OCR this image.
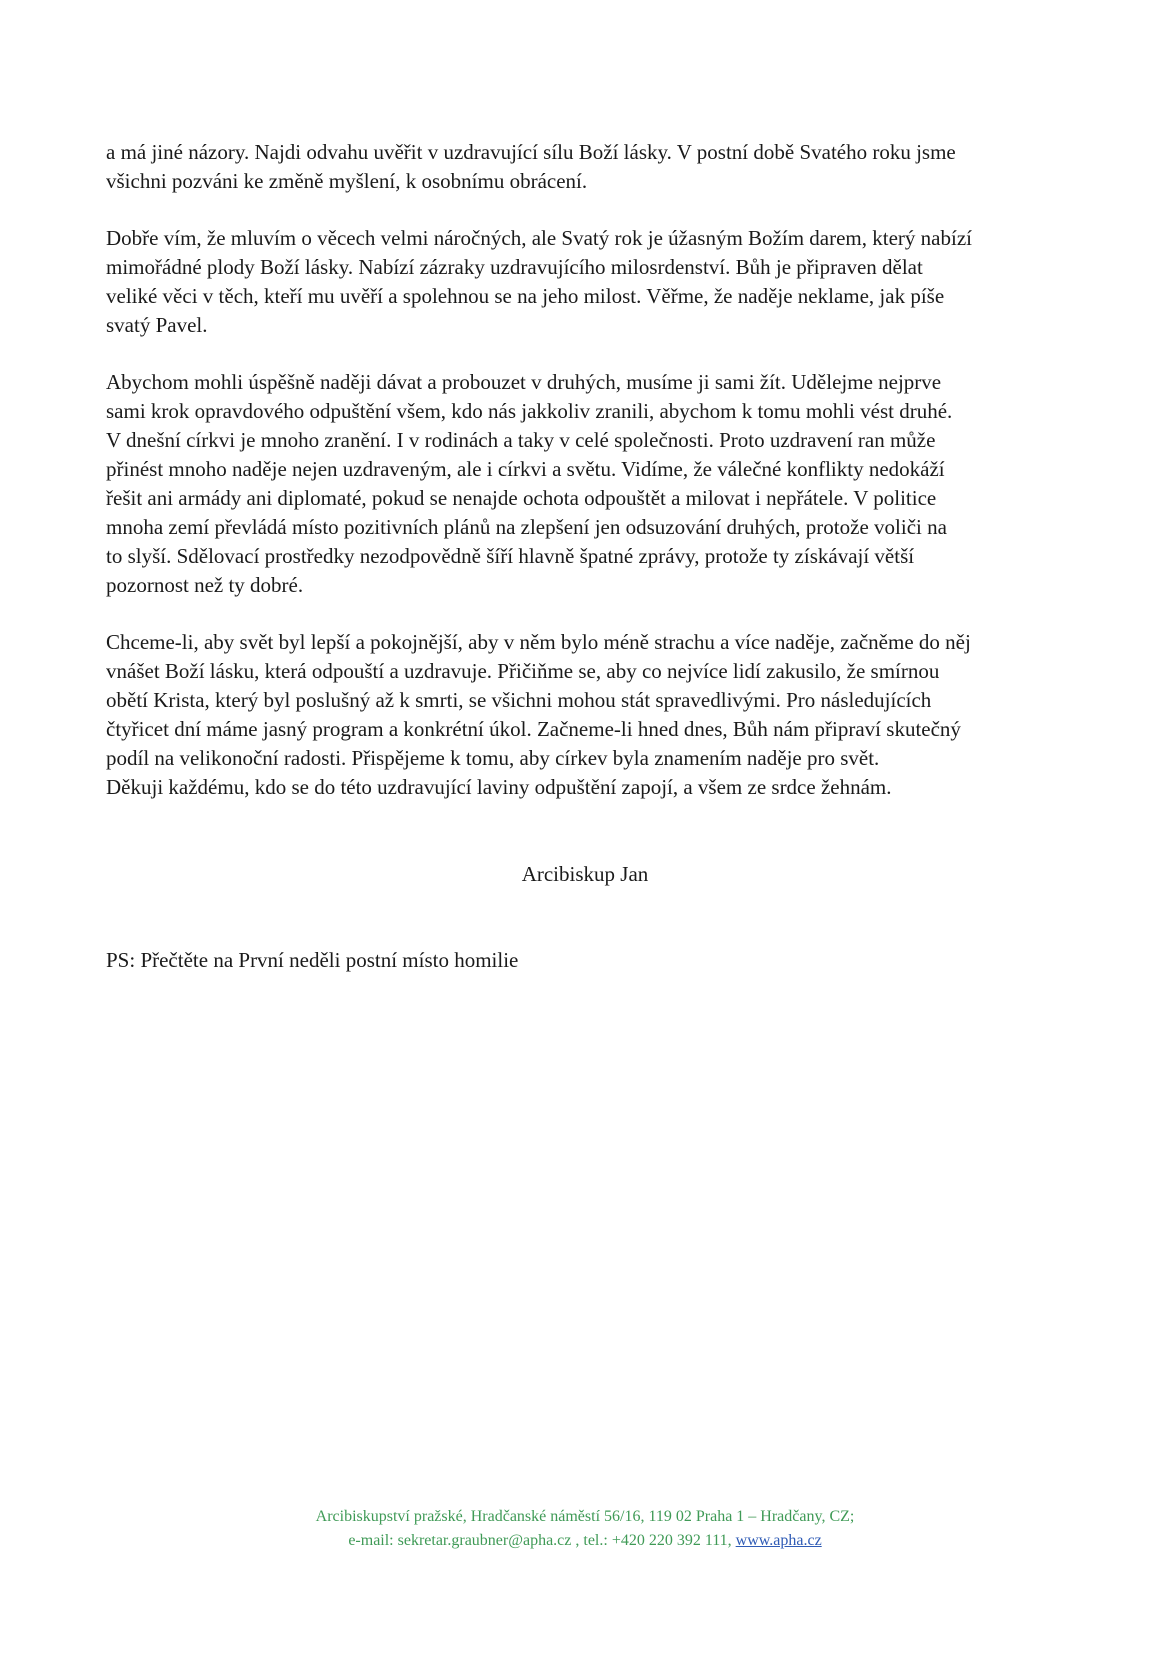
a má jiné názory. Najdi odvahu uvěřit v uzdravující sílu Boží lásky. V postní době Svatého roku jsme
všichni pozváni ke změně myšlení, k osobnímu obrácení.

Dobře vím, že mluvím o věcech velmi náročných, ale Svatý rok je úžasným Božím darem, který nabízí
mimořádné plody Boží lásky. Nabízí zázraky uzdravujícího milosrdenství. Bůh je připraven dělat
veliké věci v těch, kteří mu uvěří a spolehnou se na jeho milost. Věřme, že naděje neklame, jak píše
svatý Pavel.

Abychom mohli úspěšně naději dávat a probouzet v druhých, musíme ji sami žít. Udělejme nejprve
sami krok opravdového odpuštění všem, kdo nás jakkoliv zranili, abychom k tomu mohli vést druhé.
V dnešní církvi je mnoho zranění. I v rodinách a taky v celé společnosti. Proto uzdravení ran může
přinést mnoho naděje nejen uzdraveným, ale i církvi a světu. Vidíme, že válečné konflikty nedokáží
řešit ani armády ani diplomaté, pokud se nenajde ochota odpouštět a milovat i nepřátele. V politice
mnoha zemí převládá místo pozitivních plánů na zlepšení jen odsuzování druhých, protože voliči na
to slyší. Sdělovací prostředky nezodpovědně šíří hlavně špatné zprávy, protože ty získávají větší
pozornost než ty dobré.

Chceme-li, aby svět byl lepší a pokojnější, aby v něm bylo méně strachu a více naděje, začněme do něj
vnášet Boží lásku, která odpouští a uzdravuje. Přičiňme se, aby co nejvíce lidí zakusilo, že smírnou
obětí Krista, který byl poslušný až k smrti, se všichni mohou stát spravedlivými. Pro následujících
čtyřicet dní máme jasný program a konkrétní úkol. Začneme-li hned dnes, Bůh nám připraví skutečný
podíl na velikonoční radosti. Přispějeme k tomu, aby církev byla znamením naděje pro svět.
Děkuji každému, kdo se do této uzdravující laviny odpuštění zapojí, a všem ze srdce žehnám.

Arcibiskup Jan

PS: Přečtěte na První neděli postní místo homilie

Arcibiskupství pražské, Hradčanské náměstí 56/16, 119 02 Praha 1 – Hradčany, CZ;
e-mail: sekretar.graubner@apha.cz , tel.: +420 220 392 111, www.apha.cz
